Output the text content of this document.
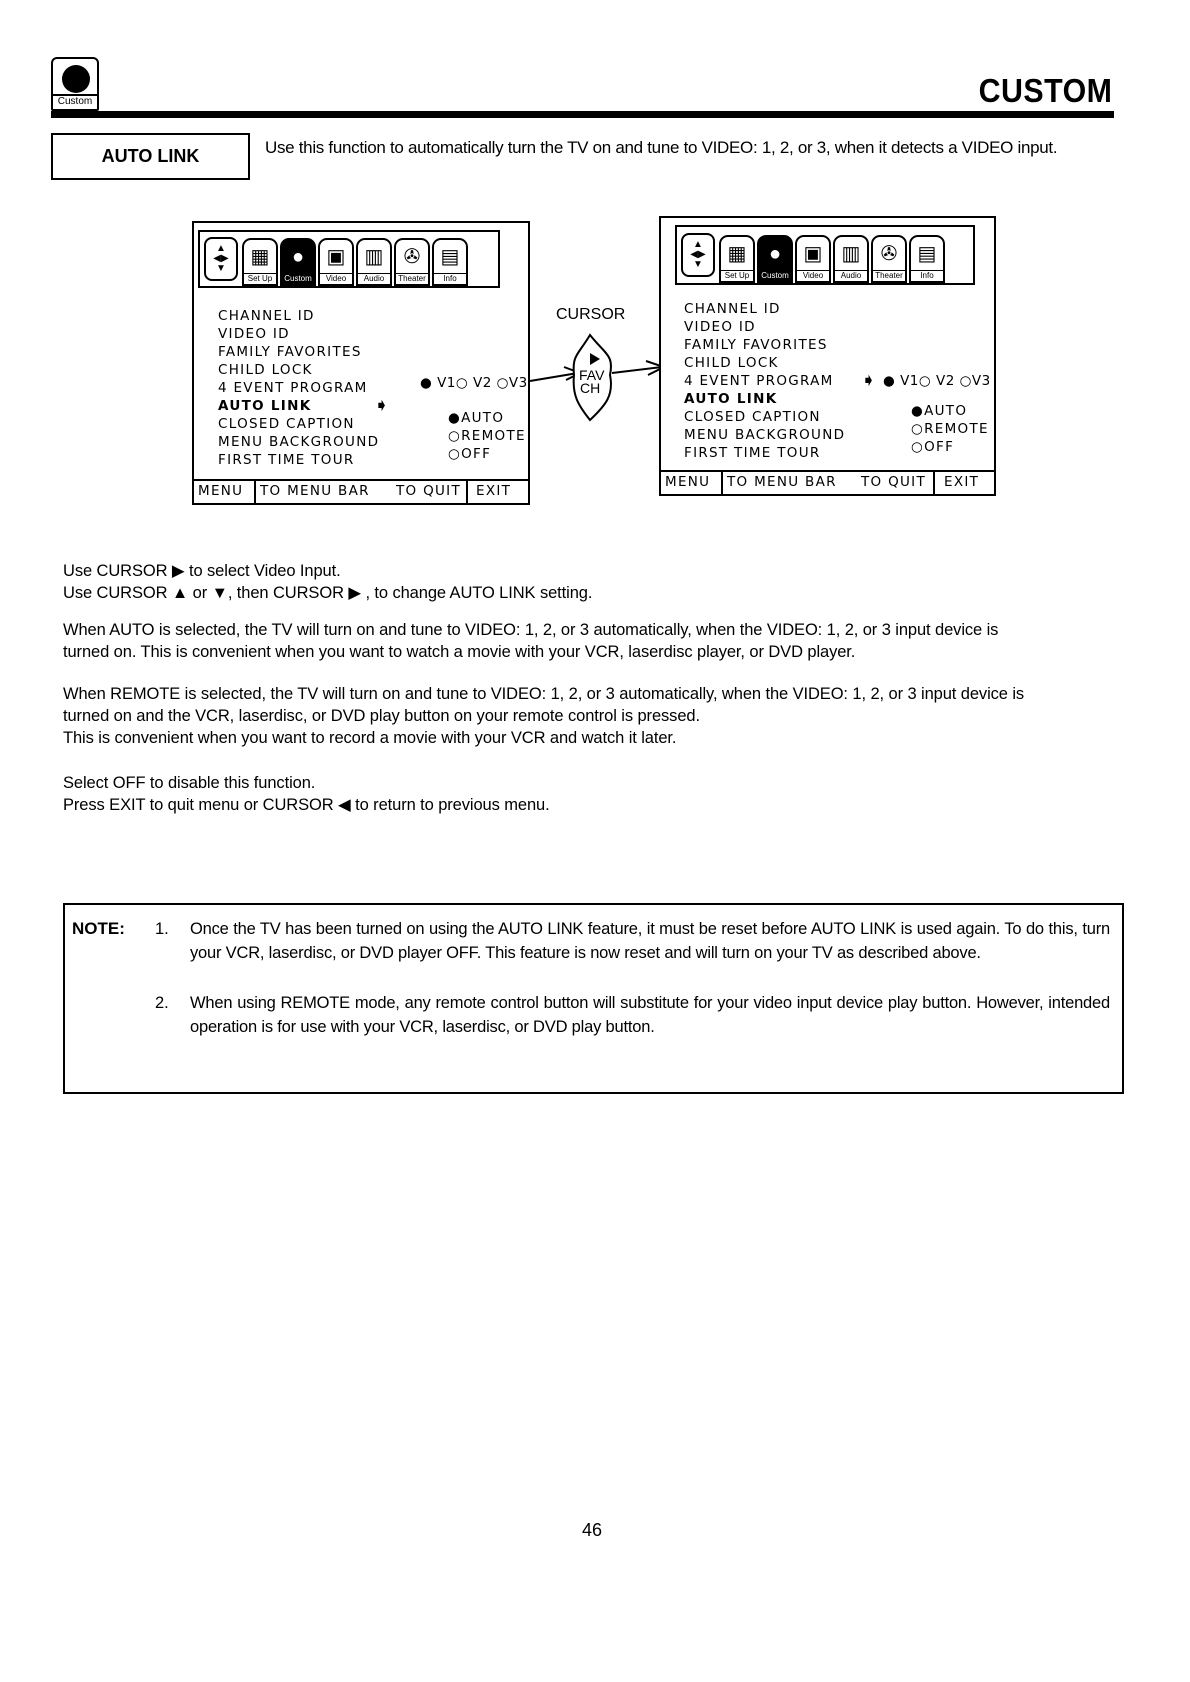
Custom	CUSTOM
AUTO LINK	Use this function to automatically turn the TV on and tune to VIDEO: 1, 2, or 3, when it detects a VIDEO input.
▲
◀▶
▼
▦
Set Up
●
Custom
▣
Video
▥
Audio
✇
Theater
▤
Info
CHANNEL ID
VIDEO ID
FAMILY FAVORITES
CHILD LOCK
4 EVENT PROGRAM
AUTO LINK
CLOSED CAPTION
MENU BACKGROUND
FIRST TIME TOUR
➧
● V1○ V2 ○V3
●AUTO
○REMOTE
○OFF
MENU TO MENU BAR TO QUIT EXIT
CURSOR
FAV
CH
▲
◀▶
▼	▦
Set Up
●
Custom
▣
Video
▥
Audio
✇
Theater
▤
Info
CHANNEL ID
VIDEO ID
FAMILY FAVORITES
CHILD LOCK
4 EVENT PROGRAM
AUTO LINK
CLOSED CAPTION
MENU BACKGROUND
FIRST TIME TOUR
➧ ● V1○ V2 ○V3
●AUTO
○REMOTE
○OFF
MENU TO MENU BAR TO QUIT EXIT
Use CURSOR ▶ to select Video Input.
Use CURSOR ▲ or ▼, then CURSOR ▶ , to change AUTO LINK setting.
When AUTO is selected, the TV will turn on and tune to VIDEO: 1, 2, or 3 automatically, when the VIDEO: 1, 2, or 3 input device is
turned on. This is convenient when you want to watch a movie with your VCR, laserdisc player, or DVD player.
When REMOTE is selected, the TV will turn on and tune to VIDEO: 1, 2, or 3 automatically, when the VIDEO: 1, 2, or 3 input device is
turned on and the VCR, laserdisc, or DVD play button on your remote control is pressed.
This is convenient when you want to record a movie with your VCR and watch it later.
Select OFF to disable this function.
Press EXIT to quit menu or CURSOR ◀ to return to previous menu.
NOTE: 1. Once the TV has been turned on using the AUTO LINK feature, it must be reset before AUTO LINK is used again. To do this, turn your VCR, laserdisc, or DVD player OFF. This feature is now reset and will turn on your TV as described above.
2. When using REMOTE mode, any remote control button will substitute for your video input device play button. However, intended operation is for use with your VCR, laserdisc, or DVD play button.
46
